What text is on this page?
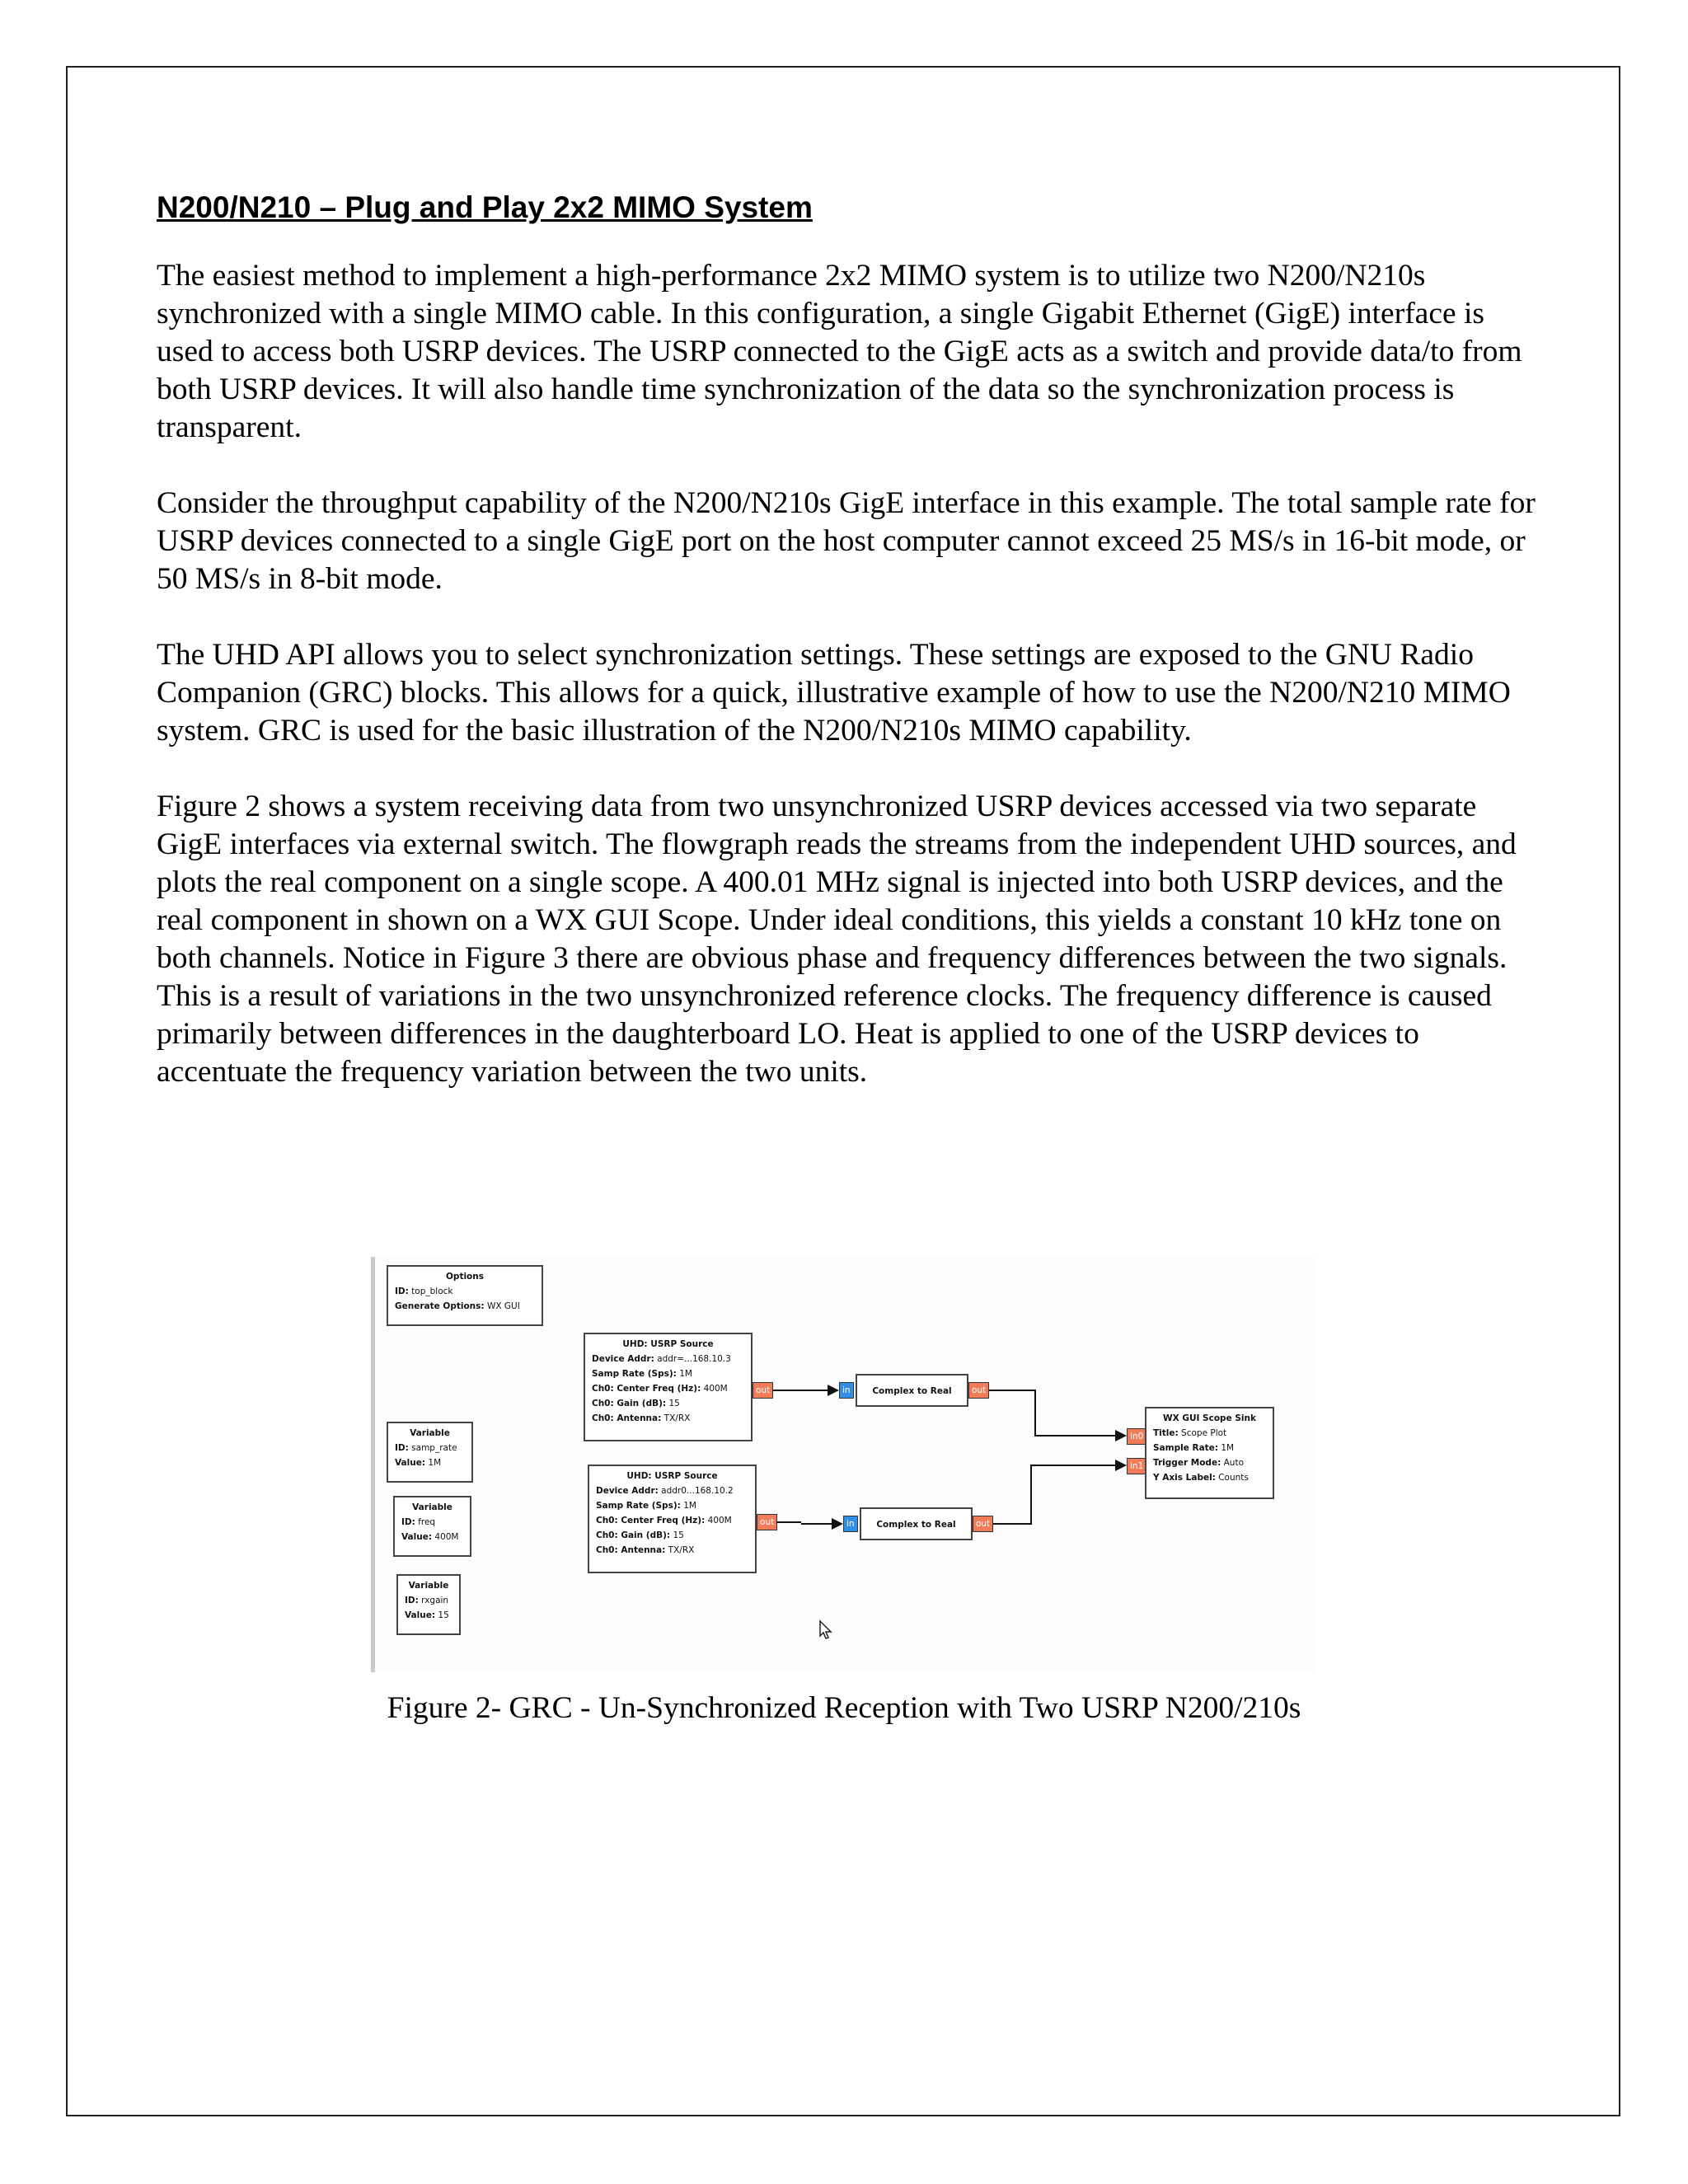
N200/N210 – Plug and Play 2x2 MIMO System

The easiest method to implement a high-performance 2x2 MIMO system is to utilize two N200/N210s synchronized with a single MIMO cable. In this configuration, a single Gigabit Ethernet (GigE) interface is used to access both USRP devices. The USRP connected to the GigE acts as a switch and provide data/to from both USRP devices. It will also handle time synchronization of the data so the synchronization process is transparent.

Consider the throughput capability of the N200/N210s GigE interface in this example. The total sample rate for USRP devices connected to a single GigE port on the host computer cannot exceed 25 MS/s in 16-bit mode, or 50 MS/s in 8-bit mode.

The UHD API allows you to select synchronization settings. These settings are exposed to the GNU Radio Companion (GRC) blocks. This allows for a quick, illustrative example of how to use the N200/N210 MIMO system. GRC is used for the basic illustration of the N200/N210s MIMO capability.

Figure 2 shows a system receiving data from two unsynchronized USRP devices accessed via two separate GigE interfaces via external switch. The flowgraph reads the streams from the independent UHD sources, and plots the real component on a single scope. A 400.01 MHz signal is injected into both USRP devices, and the real component in shown on a WX GUI Scope. Under ideal conditions, this yields a constant 10 kHz tone on both channels. Notice in Figure 3 there are obvious phase and frequency differences between the two signals. This is a result of variations in the two unsynchronized reference clocks. The frequency difference is caused primarily between differences in the daughterboard LO. Heat is applied to one of the USRP devices to accentuate the frequency variation between the two units.

Options
ID: top_block
Generate Options: WX GUI
Variable
ID: samp_rate
Value: 1M
Variable
ID: freq
Value: 400M
Variable
ID: rxgain
Value: 15
UHD: USRP Source
Device Addr: addr=...168.10.3
Samp Rate (Sps): 1M
Ch0: Center Freq (Hz): 400M
Ch0: Gain (dB): 15
Ch0: Antenna: TX/RX
out
UHD: USRP Source
Device Addr: addr0...168.10.2
Samp Rate (Sps): 1M
Ch0: Center Freq (Hz): 400M
Ch0: Gain (dB): 15
Ch0: Antenna: TX/RX
out
in	Complex to Real	out
in	Complex to Real	out
in0
in1
WX GUI Scope Sink
Title: Scope Plot
Sample Rate: 1M
Trigger Mode: Auto
Y Axis Label: Counts
Figure 2- GRC - Un-Synchronized Reception with Two USRP N200/210s
